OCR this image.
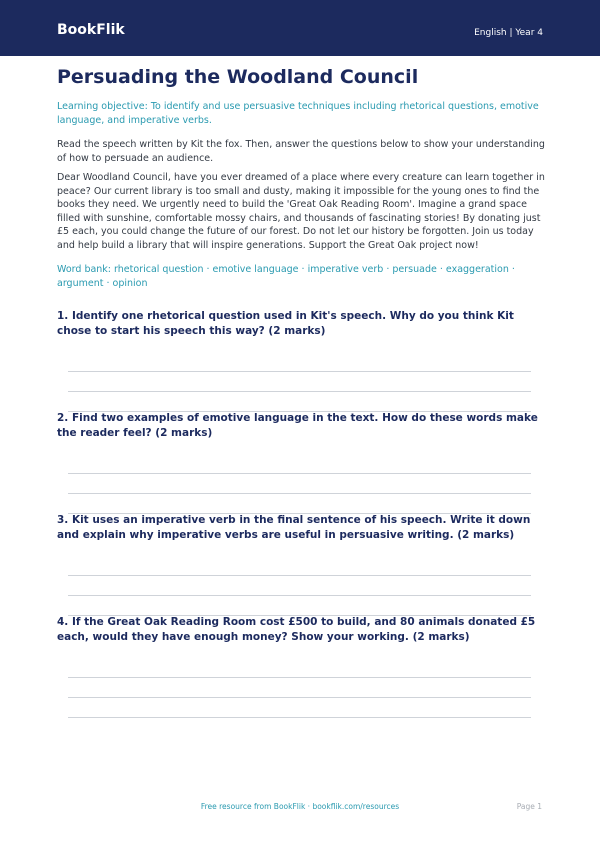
BookFlik	English | Year 4
Persuading the Woodland Council

Learning objective: To identify and use persuasive techniques including rhetorical questions, emotive language, and imperative verbs.

Read the speech written by Kit the fox. Then, answer the questions below to show your understanding of how to persuade an audience.

Dear Woodland Council, have you ever dreamed of a place where every creature can learn together in peace? Our current library is too small and dusty, making it impossible for the young ones to find the books they need. We urgently need to build the 'Great Oak Reading Room'. Imagine a grand space filled with sunshine, comfortable mossy chairs, and thousands of fascinating stories! By donating just £5 each, you could change the future of our forest. Do not let our history be forgotten. Join us today and help build a library that will inspire generations. Support the Great Oak project now!

Word bank: rhetorical question · emotive language · imperative verb · persuade · exaggeration · argument · opinion

1. Identify one rhetorical question used in Kit's speech. Why do you think Kit chose to start his speech this way? (2 marks)

2. Find two examples of emotive language in the text. How do these words make the reader feel? (2 marks)

3. Kit uses an imperative verb in the final sentence of his speech. Write it down and explain why imperative verbs are useful in persuasive writing. (2 marks)

4. If the Great Oak Reading Room cost £500 to build, and 80 animals donated £5 each, would they have enough money? Show your working. (2 marks)

Free resource from BookFlik · bookflik.com/resources	Page 1
